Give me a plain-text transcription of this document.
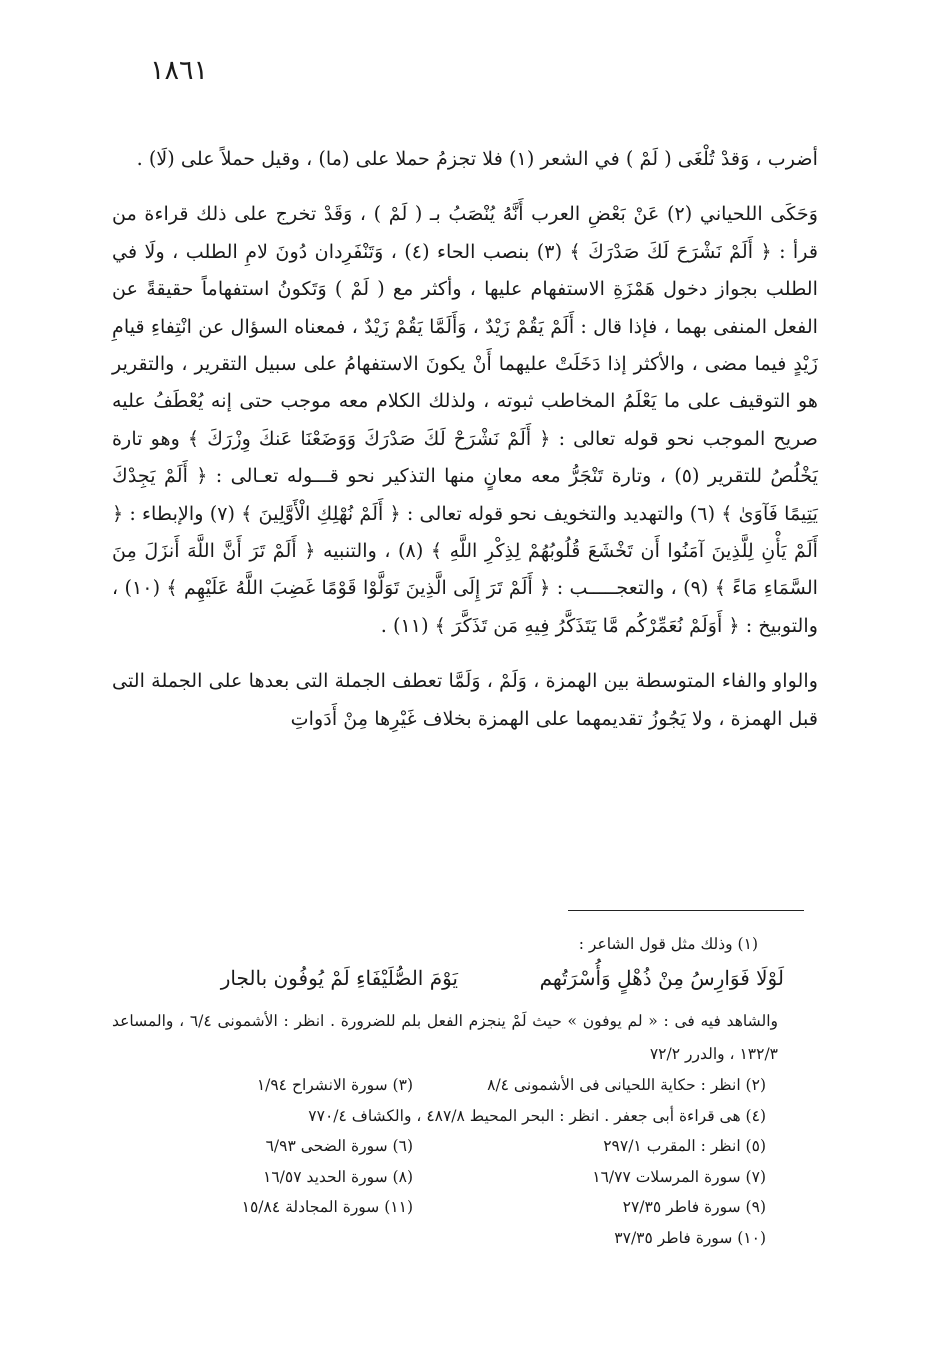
١٨٦١

أضرب ، وَقدْ تُلْغَى ( لَمْ ) في الشعر (١) فلا تجزمُ حملا على (ما) ، وقيل حملاً على (لَا) .

وَحَكَى اللحياني (٢) عَنْ بَعْضِ العرب أَنَّهُ يُنْصَبُ بـ ( لَمْ ) ، وَقَدْ تخرج على ذلك قراءة من قرأ : ﴿ أَلَمْ نَشْرَحَ لَكَ صَدْرَكَ ﴾ (٣) بنصب الحاء (٤) ، وَتَنْفَرِدان دُونَ لامِ الطلب ، ولَا في الطلب بجواز دخول هَمْزَةِ الاستفهام عليها ، وأكثر مع ( لَمْ ) وَتَكونُ استفهاماً حقيقةً عن الفعل المنفى بهما ، فإذا قال : أَلَمْ يَقُمْ زَيْدٌ ، وَأَلَمَّا يَقُمْ زَيْدٌ ، فمعناه السؤال عن انْتِفاءِ قيامِ زَيْدٍ فيما مضى ، والأكثر إذا دَخَلَتْ عليهما أَنْ يكونَ الاستفهامُ على سبيل التقرير ، والتقرير هو التوقيف على ما يَعْلَمُ المخاطب ثبوته ، ولذلك الكلام معه موجب حتى إنه يُعْطَفُ عليه صريح الموجب نحو قوله تعالى : ﴿ أَلَمْ نَشْرَحْ لَكَ صَدْرَكَ وَوَضَعْنَا عَنكَ وِزْرَكَ ﴾ وهو تارة يَخْلُصُ للتقرير (٥) ، وتارة تَنْجَرُّ معه معانٍ منها التذكير نحو قـــوله تعـالى : ﴿ أَلَمْ يَجِدْكَ يَتِيمًا فَآوَىٰ ﴾ (٦) والتهديد والتخويف نحو قوله تعالى : ﴿ أَلَمْ نُهْلِكِ الْأَوَّلِينَ ﴾ (٧) والإبطاء : ﴿ أَلَمْ يَأْنِ لِلَّذِينَ آمَنُوا أَن تَخْشَعَ قُلُوبُهُمْ لِذِكْرِ اللَّهِ ﴾ (٨) ، والتنبيه ﴿ أَلَمْ تَرَ أَنَّ اللَّهَ أَنزَلَ مِنَ السَّمَاءِ مَاءً ﴾ (٩) ، والتعجـــــب : ﴿ أَلَمْ تَرَ إِلَى الَّذِينَ تَوَلَّوْا قَوْمًا غَضِبَ اللَّهُ عَلَيْهِم ﴾ (١٠) ، والتوبيخ : ﴿ أَوَلَمْ نُعَمِّرْكُم مَّا يَتَذَكَّرُ فِيهِ مَن تَذَكَّرَ ﴾ (١١) .

والواو والفاء المتوسطة بين الهمزة ، وَلَمْ ، وَلَمَّا تعطف الجملة التى بعدها على الجملة التى قبل الهمزة ، ولا يَجُوزُ تقديمهما على الهمزة بخلاف غَيْرِها مِنْ أَدَواتِ

(١) وذلك مثل قول الشاعر :
لَوْلَا فَوَارِسُ مِنْ ذُهْلٍ وَأُسْرَتُهم
يَوْمَ الصُّلَيْفَاءِ لَمْ يُوفُون بالجار
والشاهد فيه فى : « لم يوفون » حيث لَمْ ينجزم الفعل بلم للضرورة . انظر : الأشمونى ٦/٤ ، والمساعد ١٣٢/٣ ، والدرر ٧٢/٢
(٢) انظر : حكاية اللحيانى فى الأشمونى ٨/٤
(٣) سورة الانشراح ١/٩٤
(٤) هى قراءة أبى جعفر . انظر : البحر المحيط ٤٨٧/٨ ، والكشاف ٧٧٠/٤
(٥) انظر : المقرب ٢٩٧/١
(٦) سورة الضحى ٦/٩٣
(٧) سورة المرسلات ١٦/٧٧
(٨) سورة الحديد ١٦/٥٧
(٩) سورة فاطر ٢٧/٣٥
(١١) سورة المجادلة ١٥/٨٤
(١٠) سورة فاطر ٣٧/٣٥
